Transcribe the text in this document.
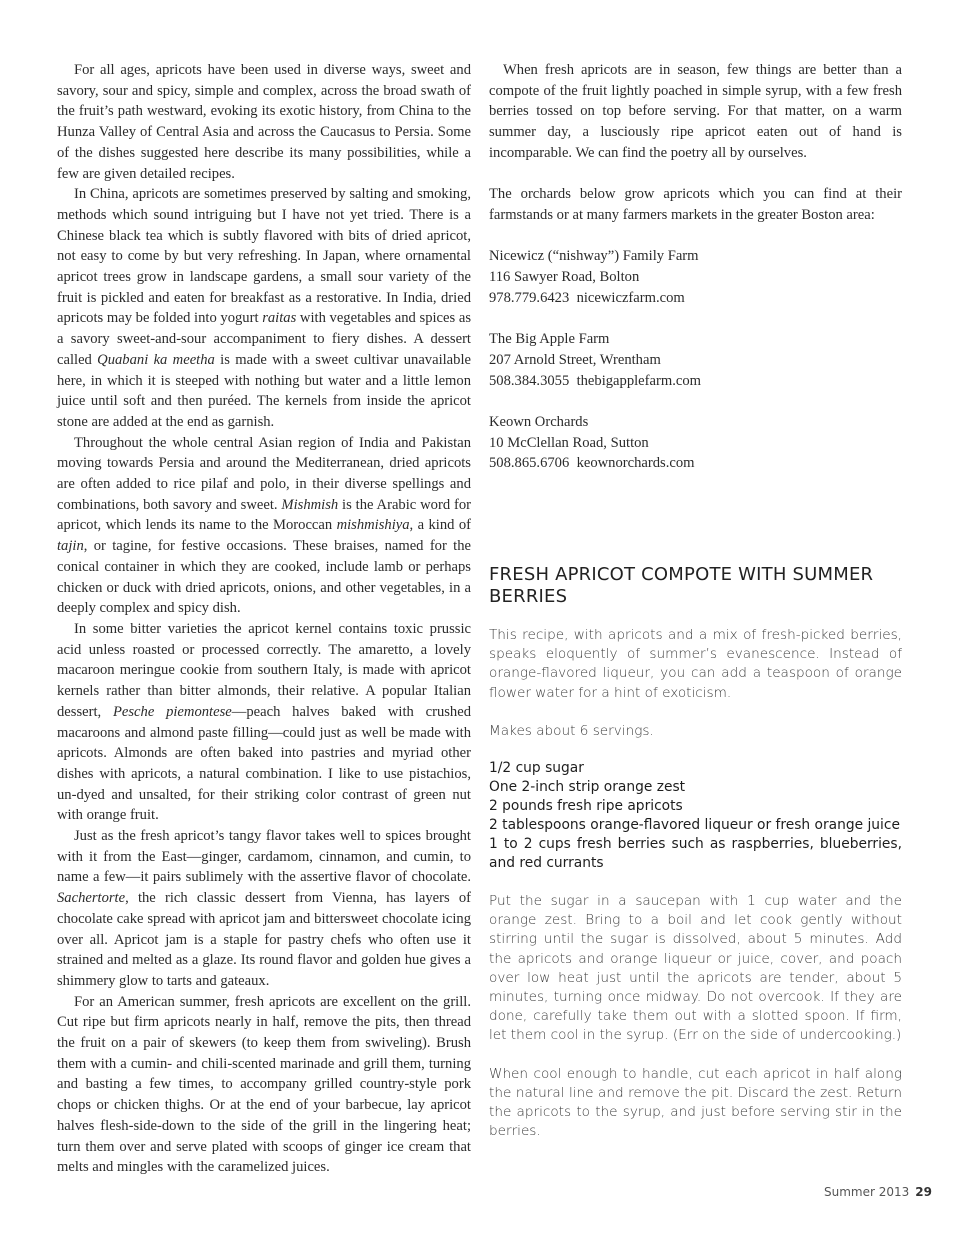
For all ages, apricots have been used in diverse ways, sweet and savory, sour and spicy, simple and complex, across the broad swath of the fruit’s path westward, evoking its exotic history, from China to the Hunza Valley of Central Asia and across the Caucasus to Persia. Some of the dishes suggested here describe its many possibilities, while a few are given detailed recipes.

In China, apricots are sometimes preserved by salting and smoking, methods which sound intriguing but I have not yet tried. There is a Chinese black tea which is subtly flavored with bits of dried apricot, not easy to come by but very refreshing. In Japan, where ornamental apricot trees grow in landscape gardens, a small sour variety of the fruit is pickled and eaten for breakfast as a restorative. In India, dried apricots may be folded into yogurt raitas with vegetables and spices as a savory sweet-and-sour accompaniment to fiery dishes. A dessert called Quabani ka meetha is made with a sweet cultivar unavailable here, in which it is steeped with nothing but water and a little lemon juice until soft and then puréed. The kernels from inside the apricot stone are added at the end as garnish.

Throughout the whole central Asian region of India and Pakistan moving towards Persia and around the Mediterranean, dried apricots are often added to rice pilaf and polo, in their diverse spellings and combinations, both savory and sweet. Mishmish is the Arabic word for apricot, which lends its name to the Moroccan mishmishiya, a kind of tajin, or tagine, for festive occasions. These braises, named for the conical container in which they are cooked, include lamb or perhaps chicken or duck with dried apricots, onions, and other vegetables, in a deeply complex and spicy dish.

In some bitter varieties the apricot kernel contains toxic prussic acid unless roasted or processed correctly. The amaretto, a lovely macaroon meringue cookie from southern Italy, is made with apricot kernels rather than bitter almonds, their relative. A popular Italian dessert, Pesche piemontese—peach halves baked with crushed macaroons and almond paste filling—could just as well be made with apricots. Almonds are often baked into pastries and myriad other dishes with apricots, a natural combination. I like to use pistachios, un-dyed and unsalted, for their striking color contrast of green nut with orange fruit.

Just as the fresh apricot’s tangy flavor takes well to spices brought with it from the East—ginger, cardamom, cinnamon, and cumin, to name a few—it pairs sublimely with the assertive flavor of chocolate. Sachertorte, the rich classic dessert from Vienna, has layers of chocolate cake spread with apricot jam and bittersweet chocolate icing over all. Apricot jam is a staple for pastry chefs who often use it strained and melted as a glaze. Its round flavor and golden hue gives a shimmery glow to tarts and gateaux.

For an American summer, fresh apricots are excellent on the grill. Cut ripe but firm apricots nearly in half, remove the pits, then thread the fruit on a pair of skewers (to keep them from swiveling). Brush them with a cumin- and chili-scented marinade and grill them, turning and basting a few times, to accompany grilled country-style pork chops or chicken thighs. Or at the end of your barbecue, lay apricot halves flesh-side-down to the side of the grill in the lingering heat; turn them over and serve plated with scoops of ginger ice cream that melts and mingles with the caramelized juices.

When fresh apricots are in season, few things are better than a compote of the fruit lightly poached in simple syrup, with a few fresh berries tossed on top before serving. For that matter, on a warm summer day, a lusciously ripe apricot eaten out of hand is incomparable. We can find the poetry all by ourselves.

The orchards below grow apricots which you can find at their farmstands or at many farmers markets in the greater Boston area:

Nicewicz (“nishway”) Family Farm
116 Sawyer Road, Bolton
978.779.6423 nicewiczfarm.com
The Big Apple Farm
207 Arnold Street, Wrentham
508.384.3055 thebigapplefarm.com
Keown Orchards
10 McClellan Road, Sutton
508.865.6706 keownorchards.com
FRESH APRICOT COMPOTE WITH SUMMER BERRIES

This recipe, with apricots and a mix of fresh-picked berries, speaks eloquently of summer’s evanescence. Instead of orange-flavored liqueur, you can add a teaspoon of orange flower water for a hint of exoticism.

Makes about 6 servings.

1/2 cup sugar
One 2-inch strip orange zest
2 pounds fresh ripe apricots
2 tablespoons orange-flavored liqueur or fresh orange juice
1 to 2 cups fresh berries such as raspberries, blueberries, and red currants

Put the sugar in a saucepan with 1 cup water and the orange zest. Bring to a boil and let cook gently without stirring until the sugar is dissolved, about 5 minutes. Add the apricots and orange liqueur or juice, cover, and poach over low heat just until the apricots are tender, about 5 minutes, turning once midway. Do not overcook. If they are done, carefully take them out with a slotted spoon. If firm, let them cool in the syrup. (Err on the side of undercooking.)

When cool enough to handle, cut each apricot in half along the natural line and remove the pit. Discard the zest. Return the apricots to the syrup, and just before serving stir in the berries.

Summer 2013 29
